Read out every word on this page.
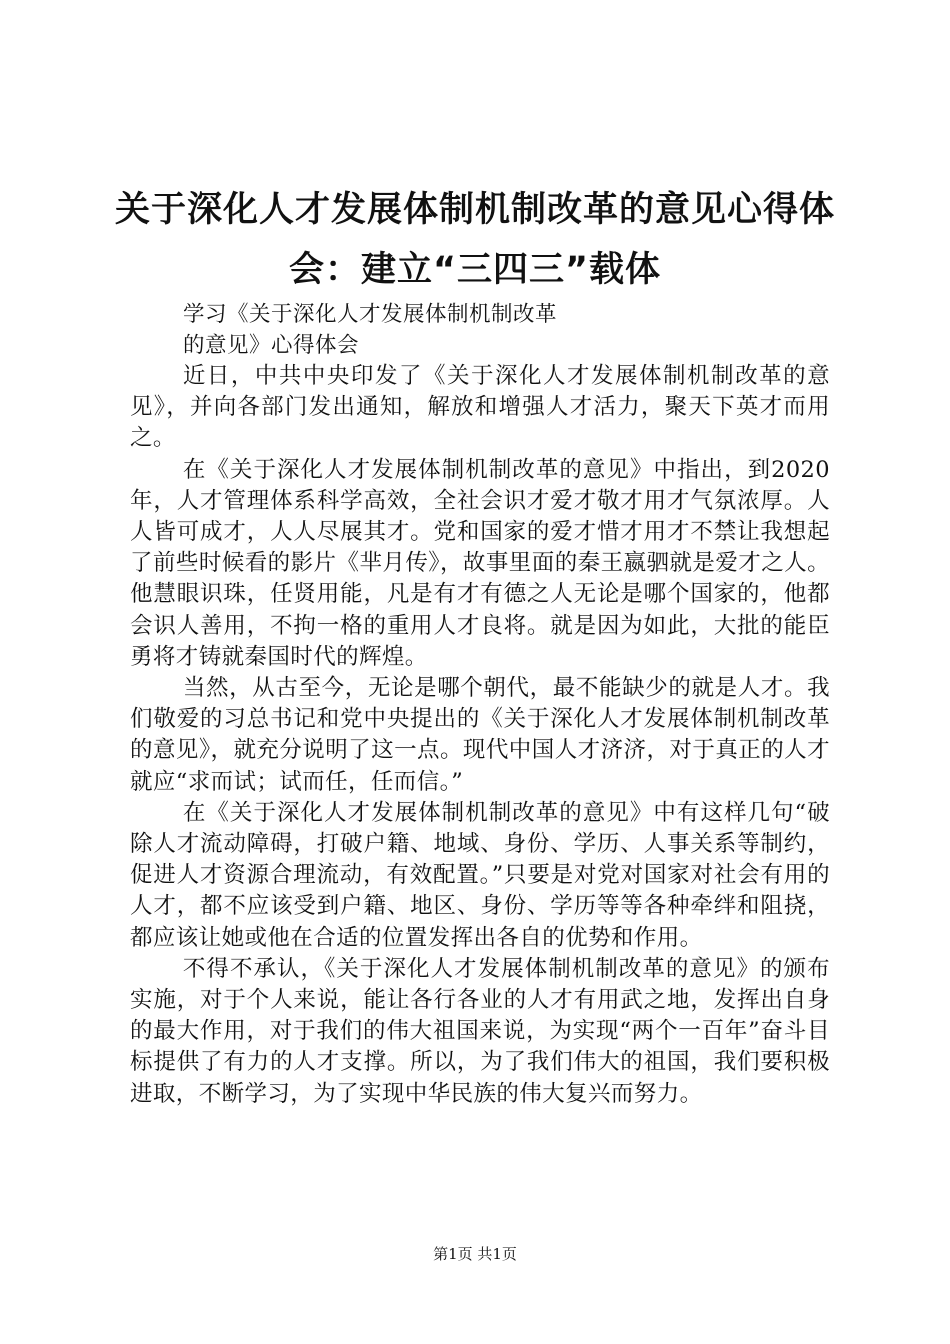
关于深化人才发展体制机制改革的意见心得体
会：建立“三四三”载体
学习《关于深化人才发展体制机制改革
的意见》心得体会

近日，中共中央印发了《关于深化人才发展体制机制改革的意见》，并向各部门发出通知，解放和增强人才活力，聚天下英才而用之。

在《关于深化人才发展体制机制改革的意见》中指出，到2020年，人才管理体系科学高效，全社会识才爱才敬才用才气氛浓厚。人人皆可成才，人人尽展其才。党和国家的爱才惜才用才不禁让我想起了前些时候看的影片《芈月传》，故事里面的秦王嬴驷就是爱才之人。他慧眼识珠，任贤用能，凡是有才有德之人无论是哪个国家的，他都会识人善用，不拘一格的重用人才良将。就是因为如此，大批的能臣勇将才铸就秦国时代的辉煌。

当然，从古至今，无论是哪个朝代，最不能缺少的就是人才。我们敬爱的习总书记和党中央提出的《关于深化人才发展体制机制改革的意见》，就充分说明了这一点。现代中国人才济济，对于真正的人才就应“求而试；试而任，任而信。”

在《关于深化人才发展体制机制改革的意见》中有这样几句“破除人才流动障碍，打破户籍、地域、身份、学历、人事关系等制约，促进人才资源合理流动，有效配置。”只要是对党对国家对社会有用的人才，都不应该受到户籍、地区、身份、学历等等各种牵绊和阻挠，都应该让她或他在合适的位置发挥出各自的优势和作用。

不得不承认，《关于深化人才发展体制机制改革的意见》的颁布实施，对于个人来说，能让各行各业的人才有用武之地，发挥出自身的最大作用，对于我们的伟大祖国来说，为实现“两个一百年”奋斗目标提供了有力的人才支撑。所以，为了我们伟大的祖国，我们要积极进取，不断学习，为了实现中华民族的伟大复兴而努力。

第1页 共1页
